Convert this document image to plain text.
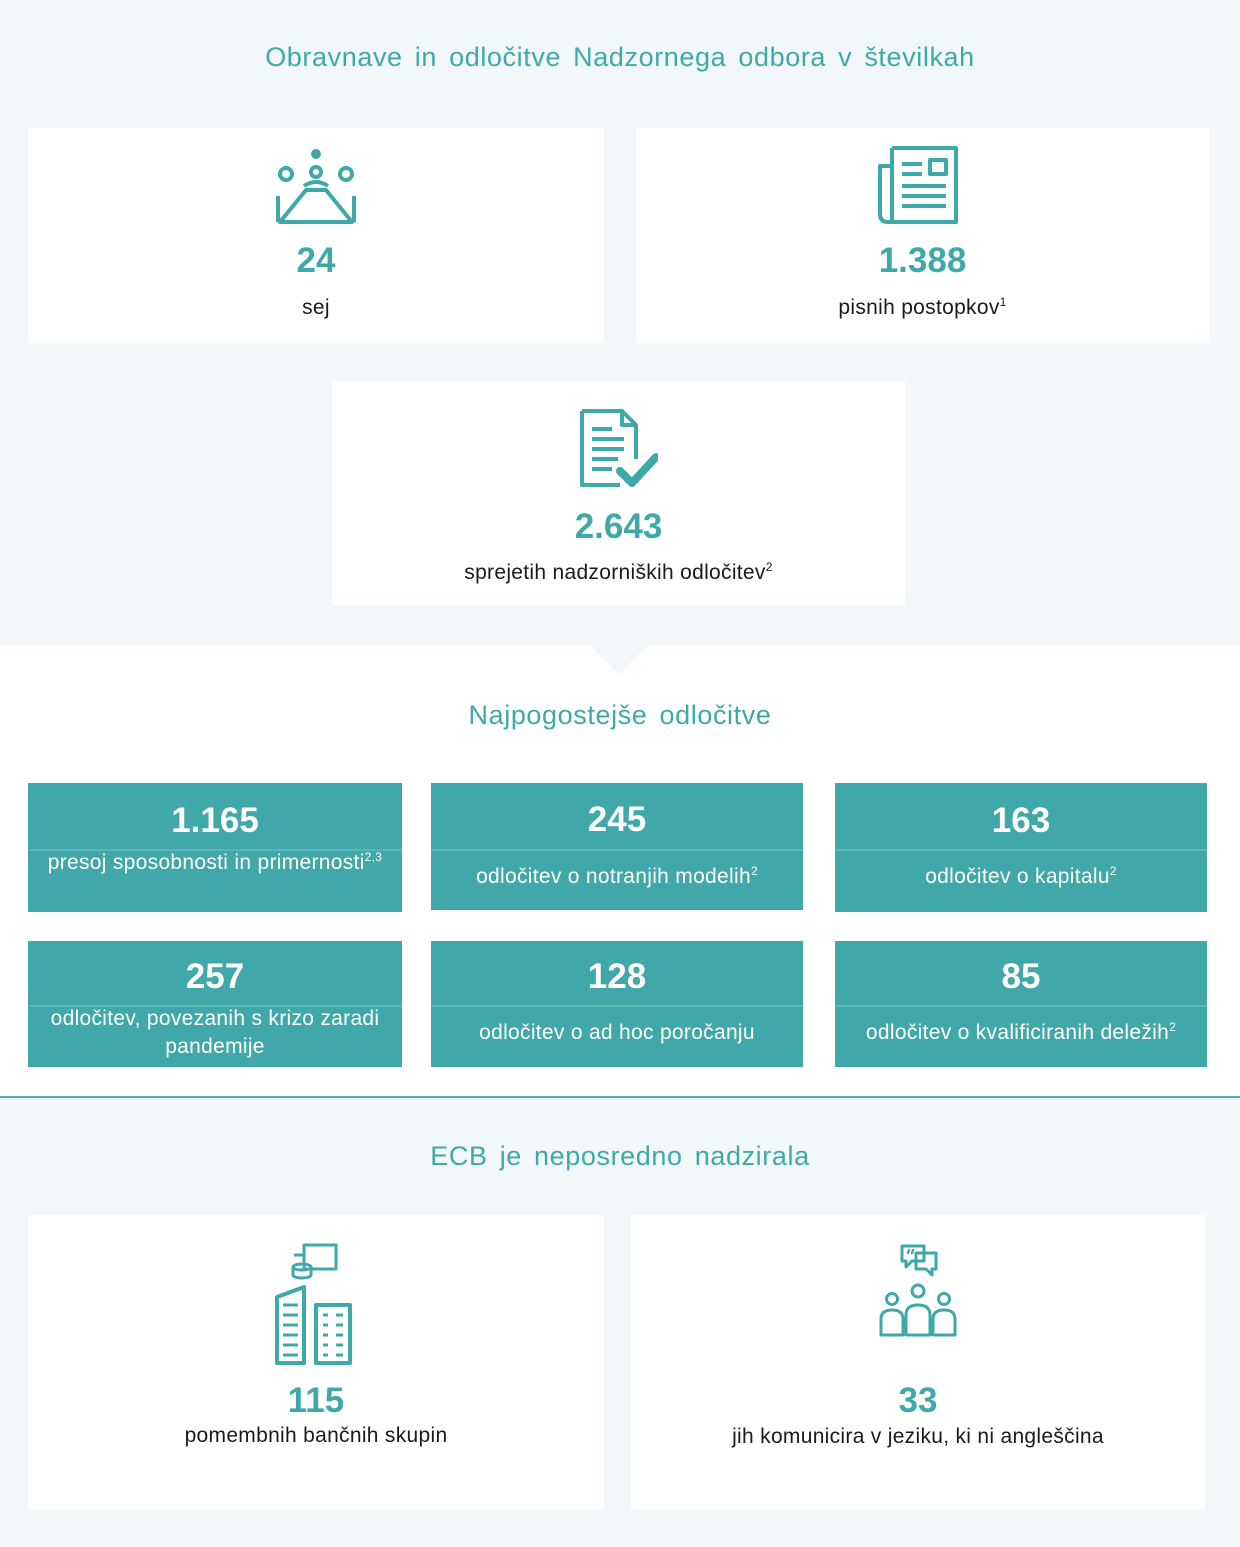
Obravnave in odločitve Nadzornega odbora v številkah
24
sej
1.388
pisnih postopkov$^1$
2.643
sprejetih nadzorniških odločitev$^2$
Najpogostejše odločitve
1.165
presoj sposobnosti in primernosti$^{2,3}$
245
odločitev o notranjih modelih$^2$
163
odločitev o kapitalu$^2$
257
odločitev, povezanih s krizo zaradi pandemije
128
odločitev o ad hoc poročanju
85
odločitev o kvalificiranih deležih$^2$
ECB je neposredno nadzirala
115
pomembnih bančnih skupin
33
jih komunicira v jeziku, ki ni angleščina
